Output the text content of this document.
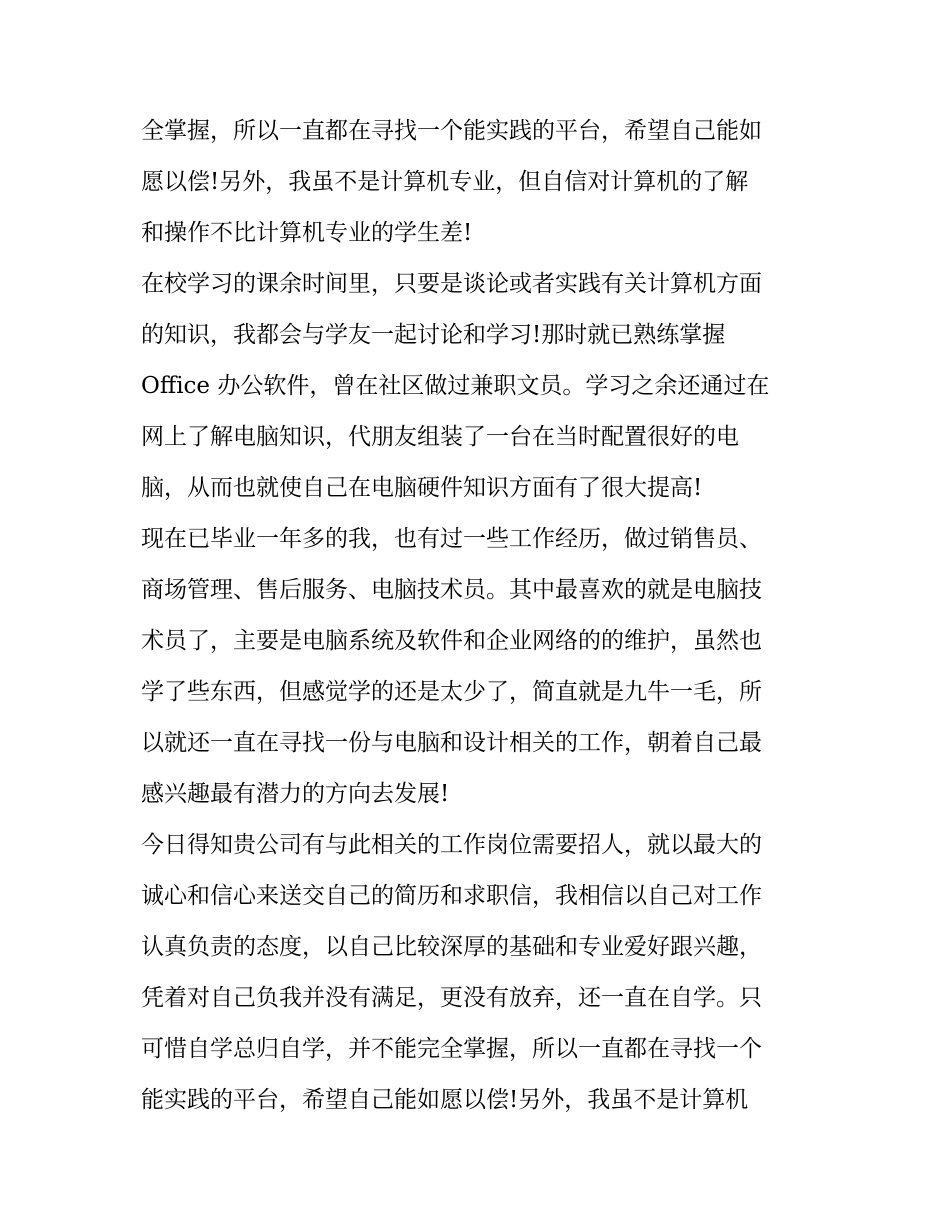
全掌握，所以一直都在寻找一个能实践的平台，希望自己能如
愿以偿!另外，我虽不是计算机专业，但自信对计算机的了解
和操作不比计算机专业的学生差!
在校学习的课余时间里，只要是谈论或者实践有关计算机方面
的知识，我都会与学友一起讨论和学习!那时就已熟练掌握
Office 办公软件，曾在社区做过兼职文员。学习之余还通过在
网上了解电脑知识，代朋友组装了一台在当时配置很好的电
脑，从而也就使自己在电脑硬件知识方面有了很大提高!
现在已毕业一年多的我，也有过一些工作经历，做过销售员、
商场管理、售后服务、电脑技术员。其中最喜欢的就是电脑技
术员了，主要是电脑系统及软件和企业网络的的维护，虽然也
学了些东西，但感觉学的还是太少了，简直就是九牛一毛，所
以就还一直在寻找一份与电脑和设计相关的工作，朝着自己最
感兴趣最有潜力的方向去发展!
今日得知贵公司有与此相关的工作岗位需要招人，就以最大的
诚心和信心来送交自己的简历和求职信，我相信以自己对工作
认真负责的态度，以自己比较深厚的基础和专业爱好跟兴趣，
凭着对自己负我并没有满足，更没有放弃，还一直在自学。只
可惜自学总归自学，并不能完全掌握，所以一直都在寻找一个
能实践的平台，希望自己能如愿以偿!另外，我虽不是计算机
